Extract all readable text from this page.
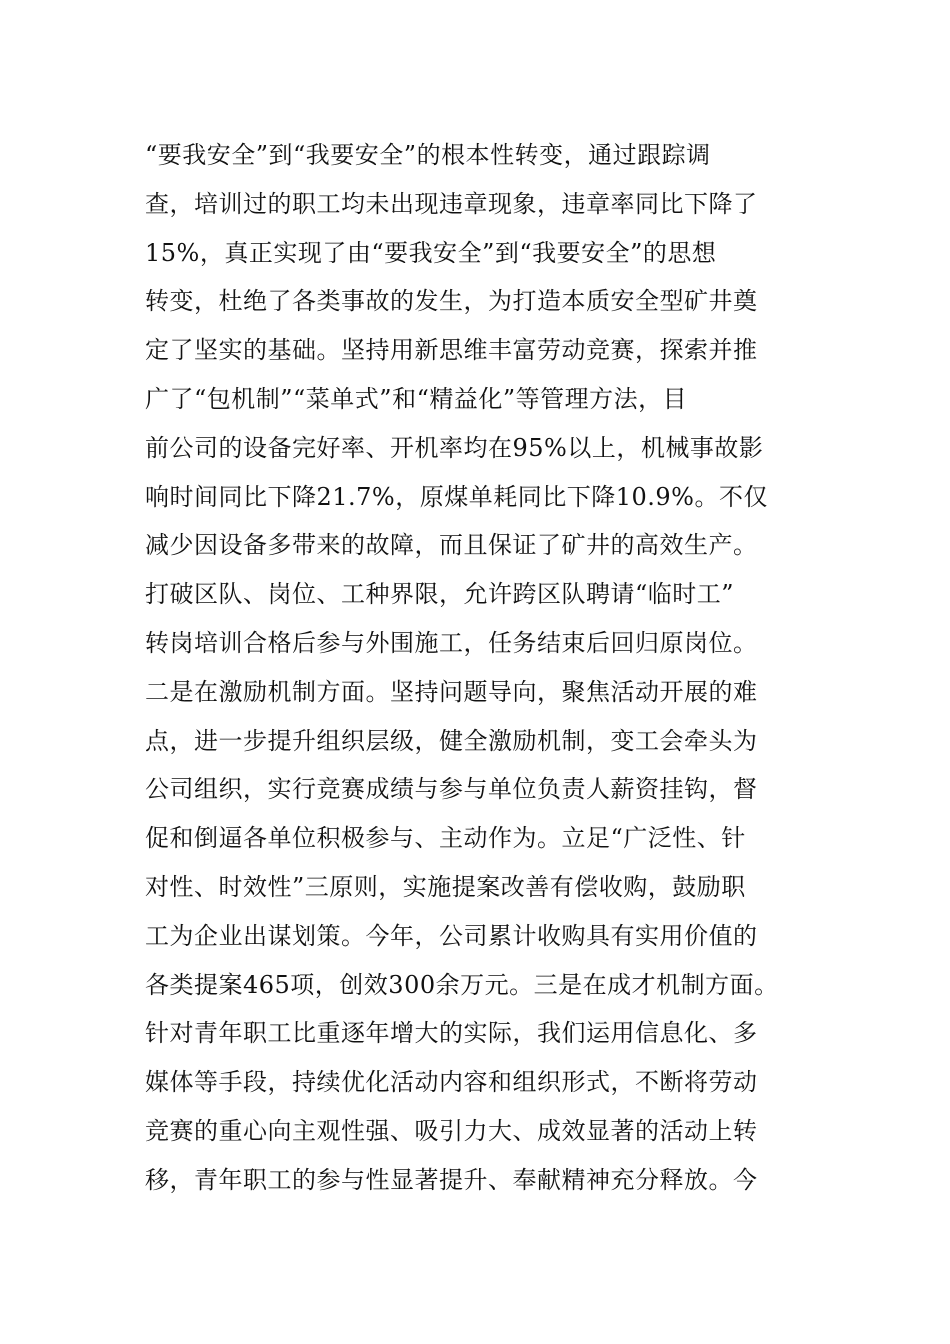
“要我安全”到“我要安全”的根本性转变，通过跟踪调
查，培训过的职工均未出现违章现象，违章率同比下降了
15%，真正实现了由“要我安全”到“我要安全”的思想
转变，杜绝了各类事故的发生，为打造本质安全型矿井奠
定了坚实的基础。坚持用新思维丰富劳动竞赛，探索并推
广了“包机制”“菜单式”和“精益化”等管理方法，目
前公司的设备完好率、开机率均在95%以上，机械事故影
响时间同比下降21.7%，原煤单耗同比下降10.9%。不仅
减少因设备多带来的故障，而且保证了矿井的高效生产。
打破区队、岗位、工种界限，允许跨区队聘请“临时工”
转岗培训合格后参与外围施工，任务结束后回归原岗位。
二是在激励机制方面。坚持问题导向，聚焦活动开展的难
点，进一步提升组织层级，健全激励机制，变工会牵头为
公司组织，实行竞赛成绩与参与单位负责人薪资挂钩，督
促和倒逼各单位积极参与、主动作为。立足“广泛性、针
对性、时效性”三原则，实施提案改善有偿收购，鼓励职
工为企业出谋划策。今年，公司累计收购具有实用价值的
各类提案465项，创效300余万元。三是在成才机制方面。
针对青年职工比重逐年增大的实际，我们运用信息化、多
媒体等手段，持续优化活动内容和组织形式，不断将劳动
竞赛的重心向主观性强、吸引力大、成效显著的活动上转
移，青年职工的参与性显著提升、奉献精神充分释放。今
